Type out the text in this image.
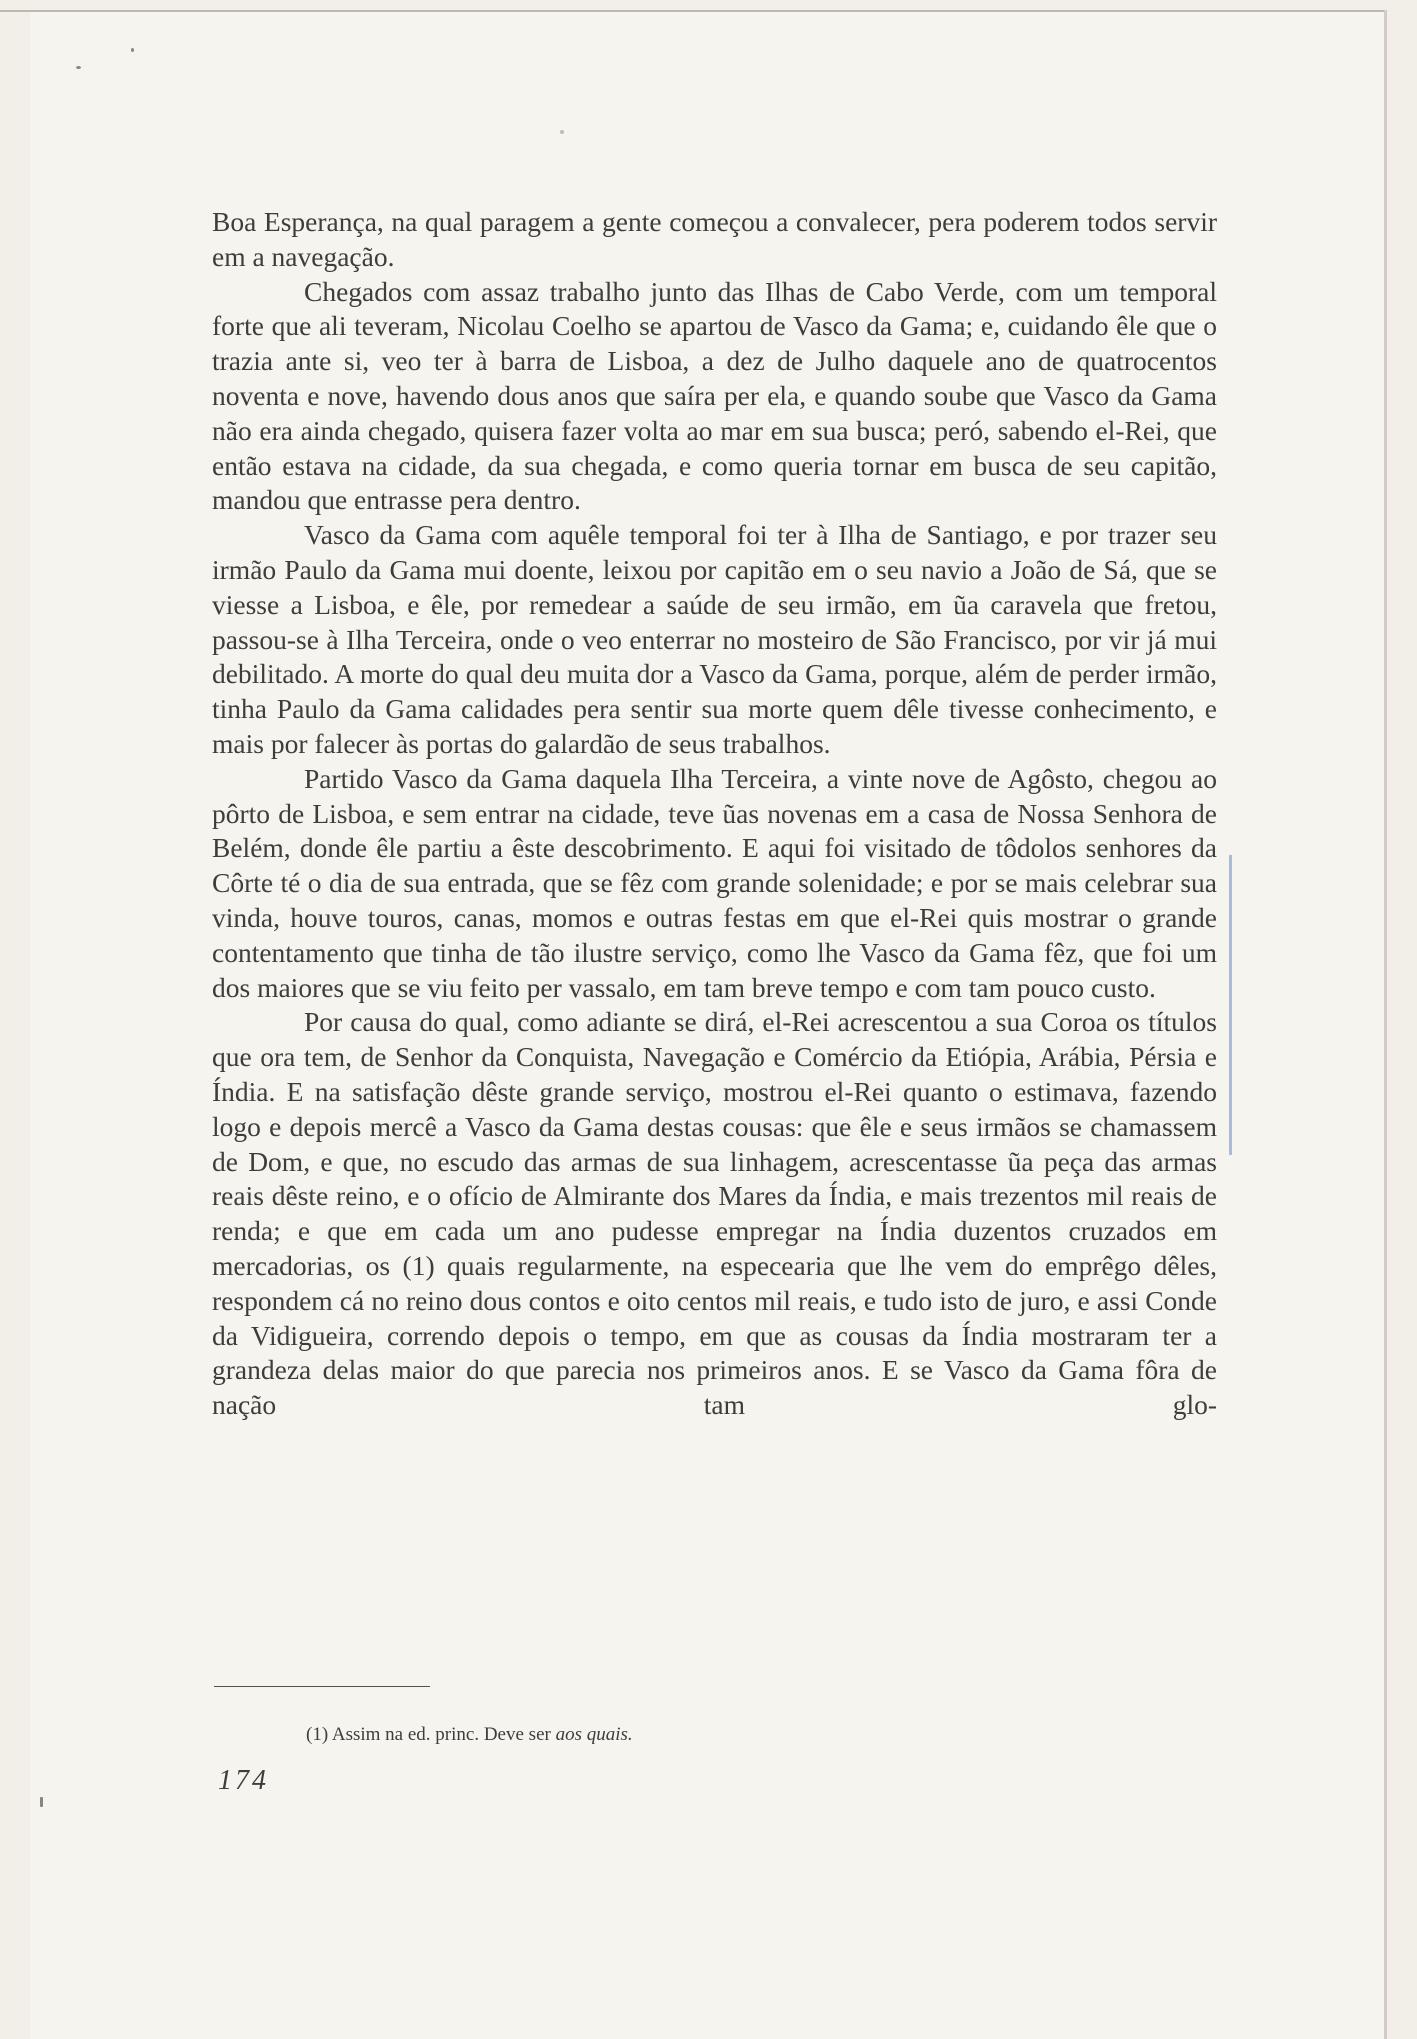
Boa Esperança, na qual paragem a gente começou a convalecer, pera poderem todos servir em a navegação.

Chegados com assaz trabalho junto das Ilhas de Cabo Verde, com um temporal forte que ali teveram, Nicolau Coelho se apartou de Vasco da Gama; e, cuidando êle que o trazia ante si, veo ter à barra de Lisboa, a dez de Julho daquele ano de quatrocentos noventa e nove, havendo dous anos que saíra per ela, e quando soube que Vasco da Gama não era ainda chegado, quisera fazer volta ao mar em sua busca; peró, sabendo el-Rei, que então estava na cidade, da sua chegada, e como queria tornar em busca de seu capitão, mandou que entrasse pera dentro.

Vasco da Gama com aquêle temporal foi ter à Ilha de Santiago, e por trazer seu irmão Paulo da Gama mui doente, leixou por capitão em o seu navio a João de Sá, que se viesse a Lisboa, e êle, por remedear a saúde de seu irmão, em ũa caravela que fretou, passou-se à Ilha Terceira, onde o veo enterrar no mosteiro de São Francisco, por vir já mui debilitado. A morte do qual deu muita dor a Vasco da Gama, porque, além de perder irmão, tinha Paulo da Gama calidades pera sentir sua morte quem dêle tivesse conhecimento, e mais por falecer às portas do galardão de seus trabalhos.

Partido Vasco da Gama daquela Ilha Terceira, a vinte nove de Agôsto, chegou ao pôrto de Lisboa, e sem entrar na cidade, teve ũas novenas em a casa de Nossa Senhora de Belém, donde êle partiu a êste descobrimento. E aqui foi visitado de tôdolos senhores da Côrte té o dia de sua entrada, que se fêz com grande solenidade; e por se mais celebrar sua vinda, houve touros, canas, momos e outras festas em que el-Rei quis mostrar o grande contentamento que tinha de tão ilustre serviço, como lhe Vasco da Gama fêz, que foi um dos maiores que se viu feito per vassalo, em tam breve tempo e com tam pouco custo.

Por causa do qual, como adiante se dirá, el-Rei acrescentou a sua Coroa os títulos que ora tem, de Senhor da Conquista, Navegação e Comércio da Etiópia, Arábia, Pérsia e Índia. E na satisfação dêste grande serviço, mostrou el-Rei quanto o estimava, fazendo logo e depois mercê a Vasco da Gama destas cousas: que êle e seus irmãos se chamassem de Dom, e que, no escudo das armas de sua linhagem, acrescentasse ũa peça das armas reais dêste reino, e o ofício de Almirante dos Mares da Índia, e mais trezentos mil reais de renda; e que em cada um ano pudesse empregar na Índia duzentos cruzados em mercadorias, os (1) quais regularmente, na especearia que lhe vem do emprêgo dêles, respondem cá no reino dous contos e oito centos mil reais, e tudo isto de juro, e assi Conde da Vidigueira, correndo depois o tempo, em que as cousas da Índia mostraram ter a grandeza delas maior do que parecia nos primeiros anos. E se Vasco da Gama fôra de nação tam glo-

(1) Assim na ed. princ. Deve ser aos quais.
174
